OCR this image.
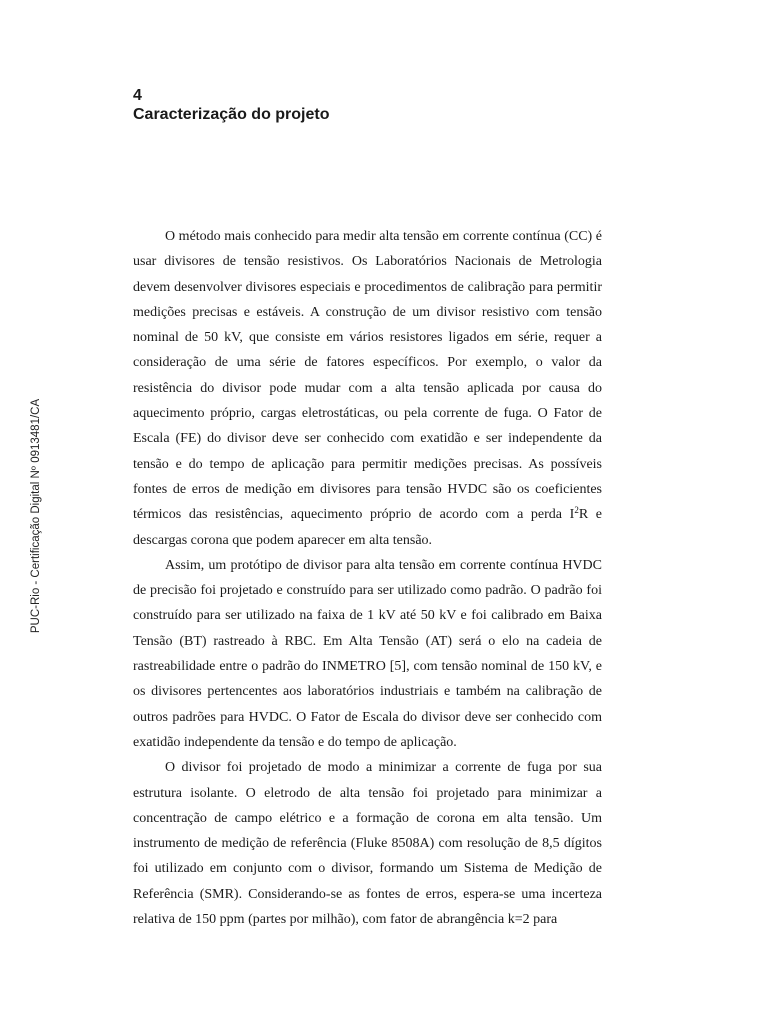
4
Caracterização do projeto
PUC-Rio - Certificação Digital Nº 0913481/CA

O método mais conhecido para medir alta tensão em corrente contínua (CC) é usar divisores de tensão resistivos. Os Laboratórios Nacionais de Metrologia devem desenvolver divisores especiais e procedimentos de calibração para permitir medições precisas e estáveis. A construção de um divisor resistivo com tensão nominal de 50 kV, que consiste em vários resistores ligados em série, requer a consideração de uma série de fatores específicos. Por exemplo, o valor da resistência do divisor pode mudar com a alta tensão aplicada por causa do aquecimento próprio, cargas eletrostáticas, ou pela corrente de fuga. O Fator de Escala (FE) do divisor deve ser conhecido com exatidão e ser independente da tensão e do tempo de aplicação para permitir medições precisas. As possíveis fontes de erros de medição em divisores para tensão HVDC são os coeficientes térmicos das resistências, aquecimento próprio de acordo com a perda $I^2R$ e descargas corona que podem aparecer em alta tensão.

Assim, um protótipo de divisor para alta tensão em corrente contínua HVDC de precisão foi projetado e construído para ser utilizado como padrão. O padrão foi construído para ser utilizado na faixa de 1 kV até 50 kV e foi calibrado em Baixa Tensão (BT) rastreado à RBC. Em Alta Tensão (AT) será o elo na cadeia de rastreabilidade entre o padrão do INMETRO [5], com tensão nominal de 150 kV, e os divisores pertencentes aos laboratórios industriais e também na calibração de outros padrões para HVDC. O Fator de Escala do divisor deve ser conhecido com exatidão independente da tensão e do tempo de aplicação.

O divisor foi projetado de modo a minimizar a corrente de fuga por sua estrutura isolante. O eletrodo de alta tensão foi projetado para minimizar a concentração de campo elétrico e a formação de corona em alta tensão. Um instrumento de medição de referência (Fluke 8508A) com resolução de 8,5 dígitos foi utilizado em conjunto com o divisor, formando um Sistema de Medição de Referência (SMR). Considerando-se as fontes de erros, espera-se uma incerteza relativa de 150 ppm (partes por milhão), com fator de abrangência k=2 para
